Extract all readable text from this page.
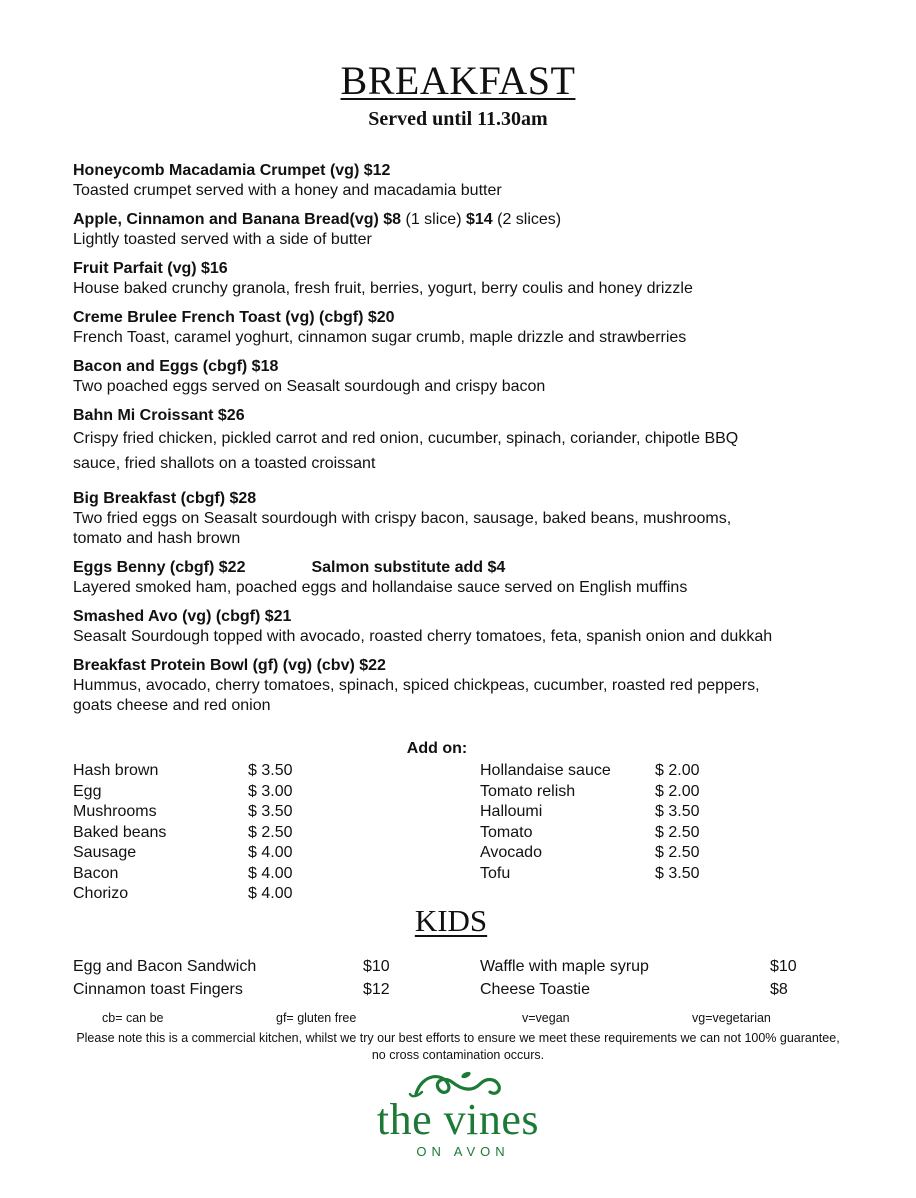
BREAKFAST
Served until 11.30am
Honeycomb Macadamia Crumpet (vg) $12
Toasted crumpet served with a honey and macadamia butter
Apple, Cinnamon and Banana Bread(vg) $8 (1 slice) $14 (2 slices)
Lightly toasted served with a side of butter
Fruit Parfait (vg) $16
House baked crunchy granola, fresh fruit, berries, yogurt, berry coulis and honey drizzle
Creme Brulee French Toast (vg) (cbgf) $20
French Toast, caramel yoghurt, cinnamon sugar crumb, maple drizzle and strawberries
Bacon and Eggs (cbgf) $18
Two poached eggs served on Seasalt sourdough and crispy bacon
Bahn Mi Croissant $26
Crispy fried chicken, pickled carrot and red onion, cucumber, spinach, coriander, chipotle BBQ
sauce, fried shallots on a toasted croissant
Big Breakfast (cbgf) $28
Two fried eggs on Seasalt sourdough with crispy bacon, sausage, baked beans, mushrooms,
tomato and hash brown
Eggs Benny (cbgf) $22	Salmon substitute add $4
Layered smoked ham, poached eggs and hollandaise sauce served on English muffins
Smashed Avo (vg) (cbgf) $21
Seasalt Sourdough topped with avocado, roasted cherry tomatoes, feta, spanish onion and dukkah
Breakfast Protein Bowl (gf) (vg) (cbv) $22
Hummus, avocado, cherry tomatoes, spinach, spiced chickpeas, cucumber, roasted red peppers,
goats cheese and red onion
Add on:
Hash brown	$ 3.50
Egg	$ 3.00
Mushrooms	$ 3.50
Baked beans	$ 2.50
Sausage	$ 4.00
Bacon	$ 4.00
Chorizo	$ 4.00
Hollandaise sauce	$ 2.00
Tomato relish	$ 2.00
Halloumi	$ 3.50
Tomato	$ 2.50
Avocado	$ 2.50
Tofu	$ 3.50
KIDS
Egg and Bacon Sandwich	$10
Cinnamon toast Fingers	$12
Waffle with maple syrup	$10
Cheese Toastie	$8
cb= can be	gf= gluten free	v=vegan	vg=vegetarian
Please note this is a commercial kitchen, whilst we try our best efforts to ensure we meet these requirements we can not 100% guarantee, no cross contamination occurs.
the vines
ON AVON
